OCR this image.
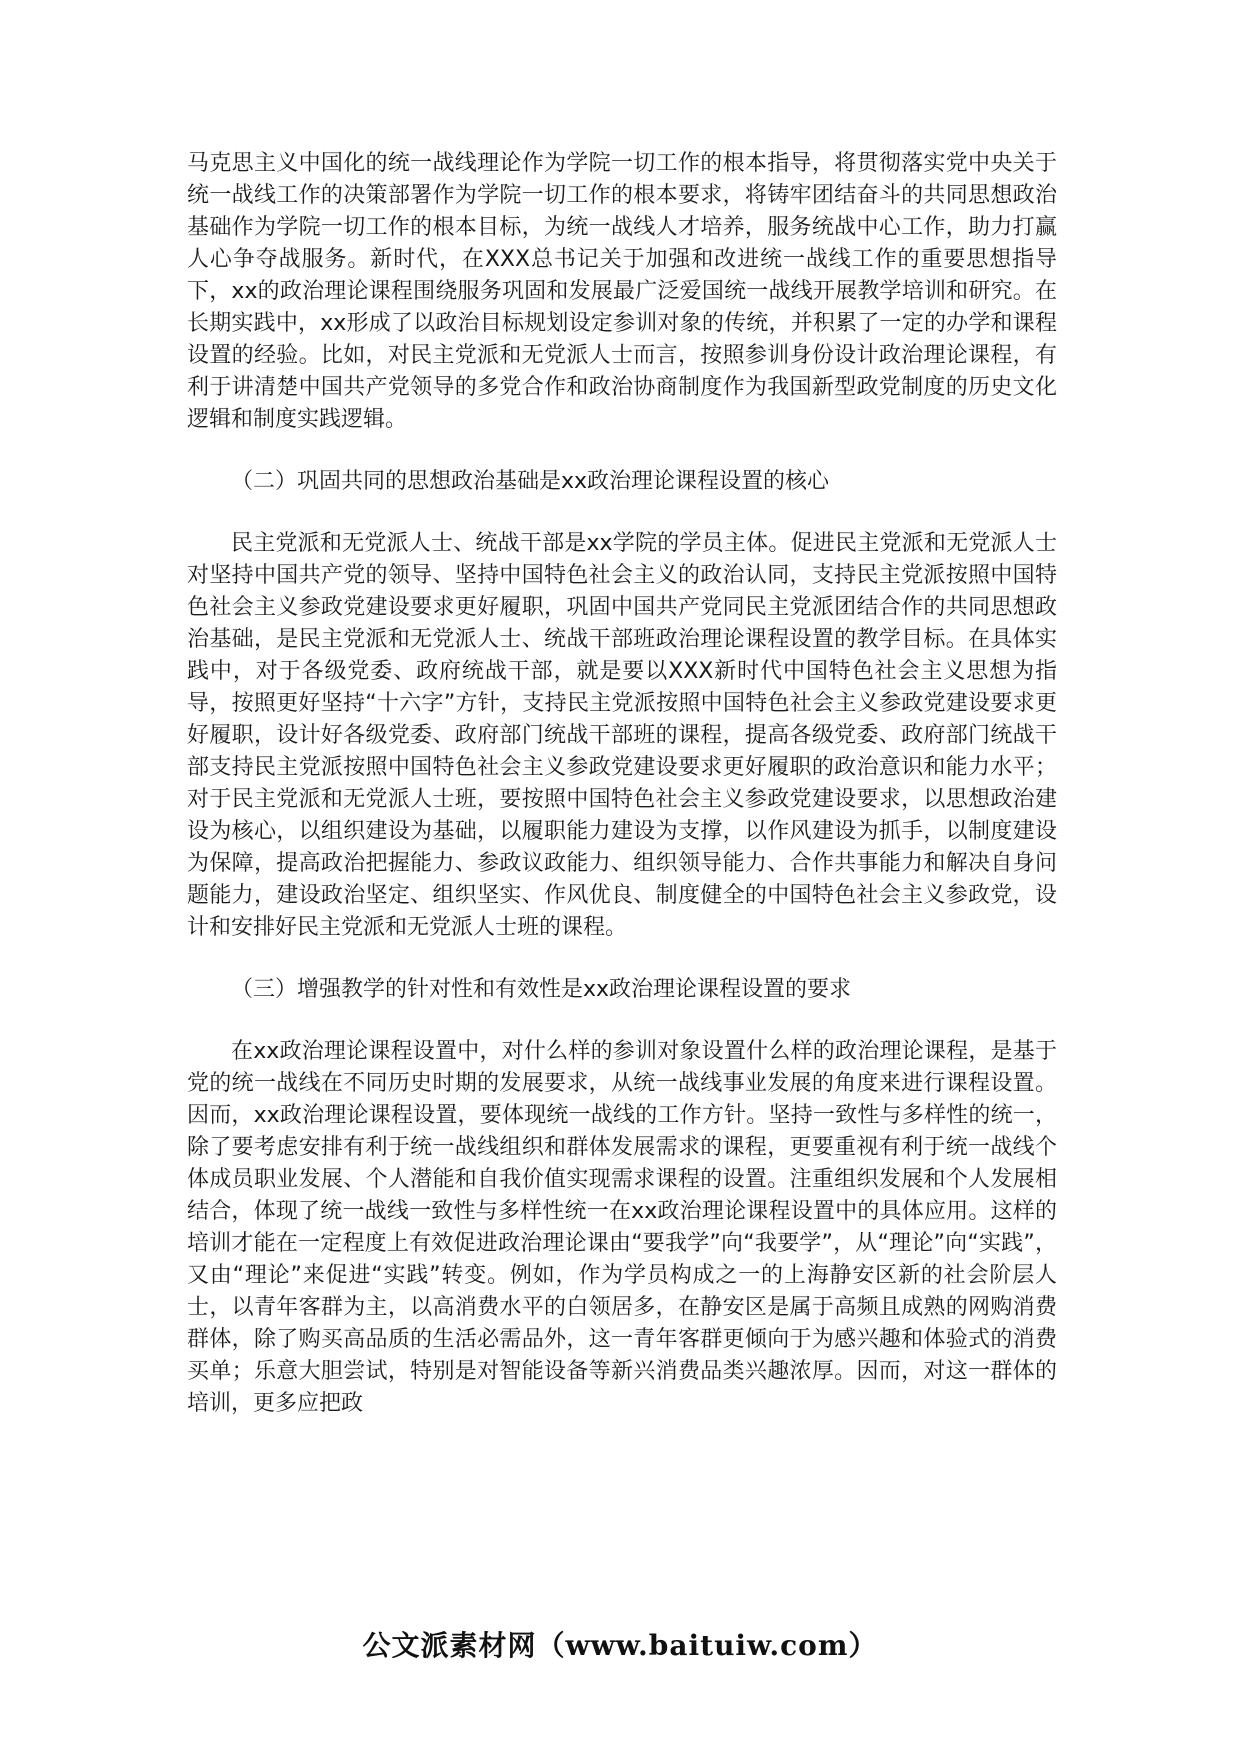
马克思主义中国化的统一战线理论作为学院一切工作的根本指导，将贯彻落实党中央关于统一战线工作的决策部署作为学院一切工作的根本要求，将铸牢团结奋斗的共同思想政治基础作为学院一切工作的根本目标，为统一战线人才培养，服务统战中心工作，助力打赢人心争夺战服务。新时代，在XXX总书记关于加强和改进统一战线工作的重要思想指导下，xx的政治理论课程围绕服务巩固和发展最广泛爱国统一战线开展教学培训和研究。在长期实践中，xx形成了以政治目标规划设定参训对象的传统，并积累了一定的办学和课程设置的经验。比如，对民主党派和无党派人士而言，按照参训身份设计政治理论课程，有利于讲清楚中国共产党领导的多党合作和政治协商制度作为我国新型政党制度的历史文化逻辑和制度实践逻辑。

（二）巩固共同的思想政治基础是xx政治理论课程设置的核心

民主党派和无党派人士、统战干部是xx学院的学员主体。促进民主党派和无党派人士对坚持中国共产党的领导、坚持中国特色社会主义的政治认同，支持民主党派按照中国特色社会主义参政党建设要求更好履职，巩固中国共产党同民主党派团结合作的共同思想政治基础，是民主党派和无党派人士、统战干部班政治理论课程设置的教学目标。在具体实践中，对于各级党委、政府统战干部，就是要以XXX新时代中国特色社会主义思想为指导，按照更好坚持“十六字”方针，支持民主党派按照中国特色社会主义参政党建设要求更好履职，设计好各级党委、政府部门统战干部班的课程，提高各级党委、政府部门统战干部支持民主党派按照中国特色社会主义参政党建设要求更好履职的政治意识和能力水平；对于民主党派和无党派人士班，要按照中国特色社会主义参政党建设要求，以思想政治建设为核心，以组织建设为基础，以履职能力建设为支撑，以作风建设为抓手，以制度建设为保障，提高政治把握能力、参政议政能力、组织领导能力、合作共事能力和解决自身问题能力，建设政治坚定、组织坚实、作风优良、制度健全的中国特色社会主义参政党，设计和安排好民主党派和无党派人士班的课程。

（三）增强教学的针对性和有效性是xx政治理论课程设置的要求

在xx政治理论课程设置中，对什么样的参训对象设置什么样的政治理论课程，是基于党的统一战线在不同历史时期的发展要求，从统一战线事业发展的角度来进行课程设置。因而，xx政治理论课程设置，要体现统一战线的工作方针。坚持一致性与多样性的统一，除了要考虑安排有利于统一战线组织和群体发展需求的课程，更要重视有利于统一战线个体成员职业发展、个人潜能和自我价值实现需求课程的设置。注重组织发展和个人发展相结合，体现了统一战线一致性与多样性统一在xx政治理论课程设置中的具体应用。这样的培训才能在一定程度上有效促进政治理论课由“要我学”向“我要学”，从“理论”向“实践”，又由“理论”来促进“实践”转变。例如，作为学员构成之一的上海静安区新的社会阶层人士，以青年客群为主，以高消费水平的白领居多，在静安区是属于高频且成熟的网购消费群体，除了购买高品质的生活必需品外，这一青年客群更倾向于为感兴趣和体验式的消费买单；乐意大胆尝试，特别是对智能设备等新兴消费品类兴趣浓厚。因而，对这一群体的培训，更多应把政

公文派素材网（www.baituiw.com）
